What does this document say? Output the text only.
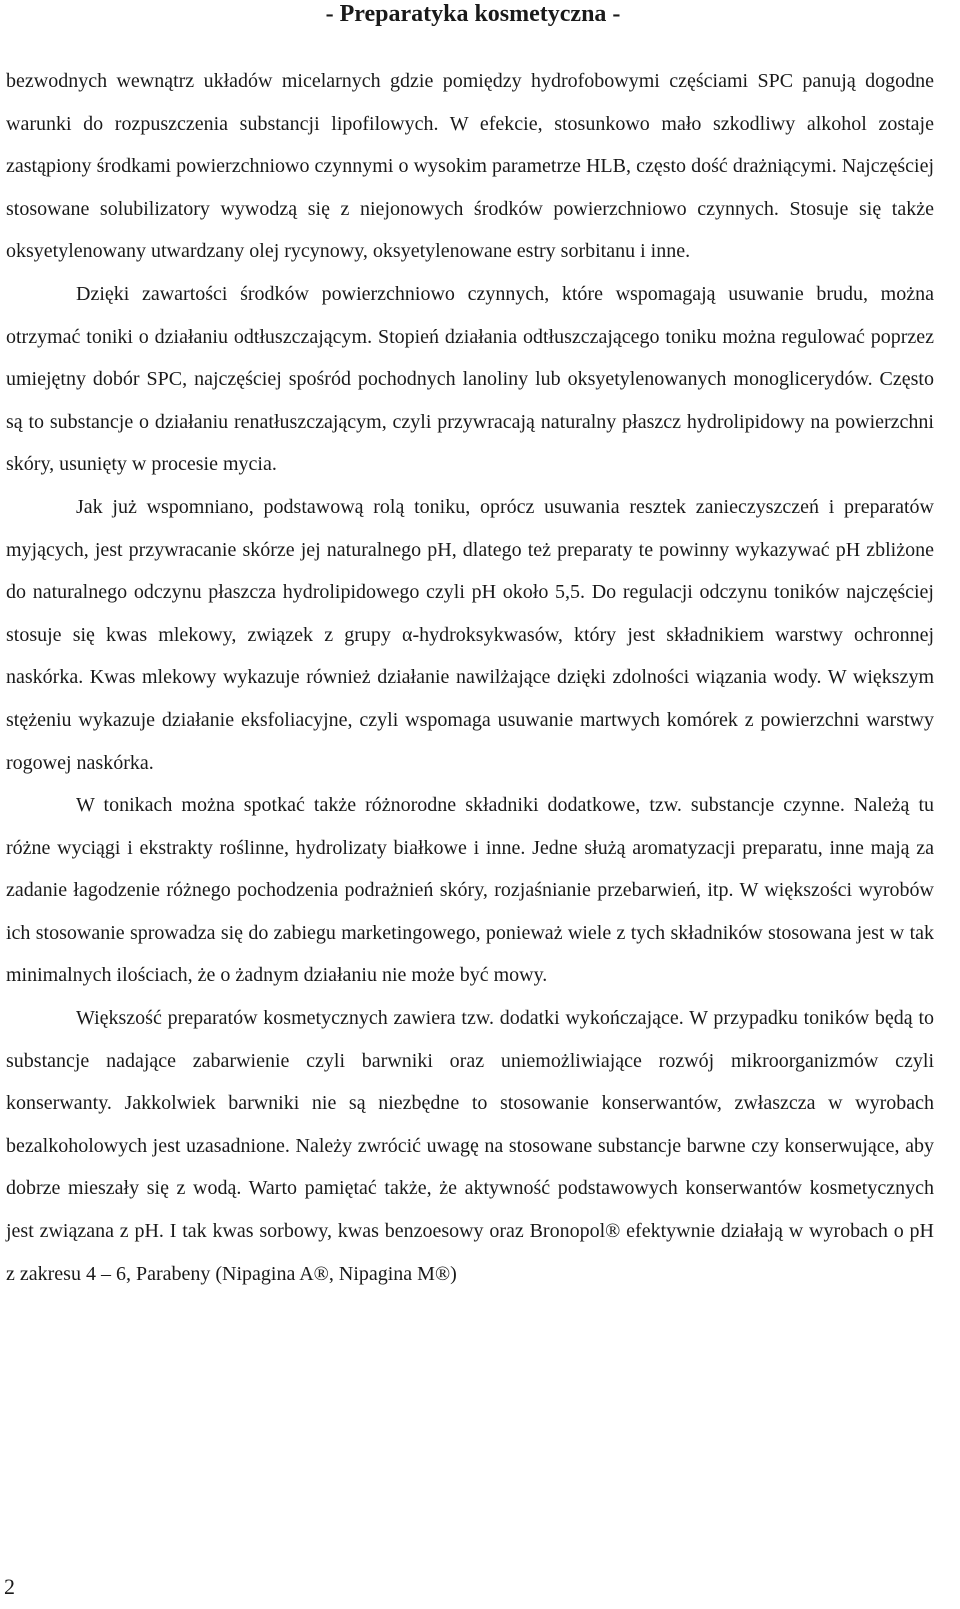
- Preparatyka kosmetyczna -

bezwodnych wewnątrz układów micelarnych gdzie pomiędzy hydrofobowymi częściami SPC panują dogodne warunki do rozpuszczenia substancji lipofilowych. W efekcie, stosunkowo mało szkodliwy alkohol zostaje zastąpiony środkami powierzchniowo czynnymi o wysokim parametrze HLB, często dość drażniącymi. Najczęściej stosowane solubilizatory wywodzą się z niejonowych środków powierzchniowo czynnych. Stosuje się także oksyetylenowany utwardzany olej rycynowy, oksyetylenowane estry sorbitanu i inne.

Dzięki zawartości środków powierzchniowo czynnych, które wspomagają usuwanie brudu, można otrzymać toniki o działaniu odtłuszczającym. Stopień działania odtłuszczającego toniku można regulować poprzez umiejętny dobór SPC, najczęściej spośród pochodnych lanoliny lub oksyetylenowanych monoglicerydów. Często są to substancje o działaniu renatłuszczającym, czyli przywracają naturalny płaszcz hydrolipidowy na powierzchni skóry, usunięty w procesie mycia.

Jak już wspomniano, podstawową rolą toniku, oprócz usuwania resztek zanieczyszczeń i preparatów myjących, jest przywracanie skórze jej naturalnego pH, dlatego też preparaty te powinny wykazywać pH zbliżone do naturalnego odczynu płaszcza hydrolipidowego czyli pH około 5,5. Do regulacji odczynu toników najczęściej stosuje się kwas mlekowy, związek z grupy α-hydroksykwasów, który jest składnikiem warstwy ochronnej naskórka. Kwas mlekowy wykazuje również działanie nawilżające dzięki zdolności wiązania wody. W większym stężeniu wykazuje działanie eksfoliacyjne, czyli wspomaga usuwanie martwych komórek z powierzchni warstwy rogowej naskórka.

W tonikach można spotkać także różnorodne składniki dodatkowe, tzw. substancje czynne. Należą tu różne wyciągi i ekstrakty roślinne, hydrolizaty białkowe i inne. Jedne służą aromatyzacji preparatu, inne mają za zadanie łagodzenie różnego pochodzenia podrażnień skóry, rozjaśnianie przebarwień, itp. W większości wyrobów ich stosowanie sprowadza się do zabiegu marketingowego, ponieważ wiele z tych składników stosowana jest w tak minimalnych ilościach, że o żadnym działaniu nie może być mowy.

Większość preparatów kosmetycznych zawiera tzw. dodatki wykończające. W przypadku toników będą to substancje nadające zabarwienie czyli barwniki oraz uniemożliwiające rozwój mikroorganizmów czyli konserwanty. Jakkolwiek barwniki nie są niezbędne to stosowanie konserwantów, zwłaszcza w wyrobach bezalkoholowych jest uzasadnione. Należy zwrócić uwagę na stosowane substancje barwne czy konserwujące, aby dobrze mieszały się z wodą. Warto pamiętać także, że aktywność podstawowych konserwantów kosmetycznych jest związana z pH. I tak kwas sorbowy, kwas benzoesowy oraz Bronopol® efektywnie działają w wyrobach o pH z zakresu 4 – 6, Parabeny (Nipagina A®, Nipagina M®)

2
